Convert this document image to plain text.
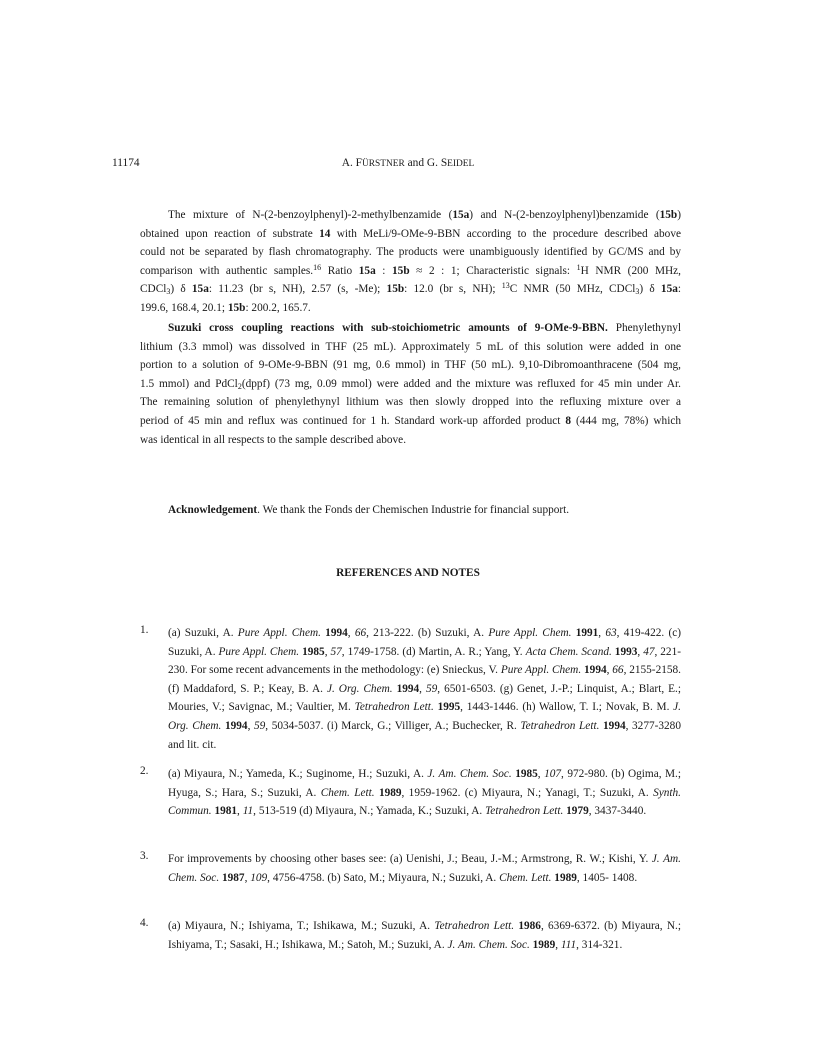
11174	A. FÜRSTNER and G. SEIDEL
The mixture of N-(2-benzoylphenyl)-2-methylbenzamide (15a) and N-(2-benzoylphenyl)benzamide (15b)
obtained upon reaction of substrate 14 with MeLi/9-OMe-9-BBN according to the procedure described above
could not be separated by flash chromatography. The products were unambiguously identified by GC/MS and by
comparison with authentic samples.$^{16}$ Ratio 15a : 15b ≈ 2 : 1; Characteristic signals: $^1$H NMR (200 MHz,
CDCl$_3$) δ 15a: 11.23 (br s, NH), 2.57 (s, -Me); 15b: 12.0 (br s, NH); $^{13}$C NMR (50 MHz, CDCl$_3$) δ 15a:
199.6, 168.4, 20.1; 15b: 200.2, 165.7.
Suzuki cross coupling reactions with sub-stoichiometric amounts of 9-OMe-9-BBN. Phenylethynyl
lithium (3.3 mmol) was dissolved in THF (25 mL). Approximately 5 mL of this solution were added in one
portion to a solution of 9-OMe-9-BBN (91 mg, 0.6 mmol) in THF (50 mL). 9,10-Dibromoanthracene (504 mg,
1.5 mmol) and PdCl$_2$(dppf) (73 mg, 0.09 mmol) were added and the mixture was refluxed for 45 min under Ar.
The remaining solution of phenylethynyl lithium was then slowly dropped into the refluxing mixture over a
period of 45 min and reflux was continued for 1 h. Standard work-up afforded product 8 (444 mg, 78%) which
was identical in all respects to the sample described above.
Acknowledgement. We thank the Fonds der Chemischen Industrie for financial support.
REFERENCES AND NOTES
1. (a) Suzuki, A. Pure Appl. Chem. 1994, 66, 213-222. (b) Suzuki, A. Pure Appl. Chem. 1991, 63, 419-422. (c) Suzuki, A. Pure Appl. Chem. 1985, 57, 1749-1758. (d) Martin, A. R.; Yang, Y. Acta Chem. Scand. 1993, 47, 221-230. For some recent advancements in the methodology: (e) Snieckus, V. Pure Appl. Chem. 1994, 66, 2155-2158. (f) Maddaford, S. P.; Keay, B. A. J. Org. Chem. 1994, 59, 6501-6503. (g) Genet, J.-P.; Linquist, A.; Blart, E.; Mouries, V.; Savignac, M.; Vaultier, M. Tetrahedron Lett. 1995, 1443-1446. (h) Wallow, T. I.; Novak, B. M. J. Org. Chem. 1994, 59, 5034-5037. (i) Marck, G.; Villiger, A.; Buchecker, R. Tetrahedron Lett. 1994, 3277-3280 and lit. cit.
2. (a) Miyaura, N.; Yameda, K.; Suginome, H.; Suzuki, A. J. Am. Chem. Soc. 1985, 107, 972-980. (b) Ogima, M.; Hyuga, S.; Hara, S.; Suzuki, A. Chem. Lett. 1989, 1959-1962. (c) Miyaura, N.; Yanagi, T.; Suzuki, A. Synth. Commun. 1981, 11, 513-519 (d) Miyaura, N.; Yamada, K.; Suzuki, A. Tetrahedron Lett. 1979, 3437-3440.
3. For improvements by choosing other bases see: (a) Uenishi, J.; Beau, J.-M.; Armstrong, R. W.; Kishi, Y. J. Am. Chem. Soc. 1987, 109, 4756-4758. (b) Sato, M.; Miyaura, N.; Suzuki, A. Chem. Lett. 1989, 1405- 1408.
4. (a) Miyaura, N.; Ishiyama, T.; Ishikawa, M.; Suzuki, A. Tetrahedron Lett. 1986, 6369-6372. (b) Miyaura, N.; Ishiyama, T.; Sasaki, H.; Ishikawa, M.; Satoh, M.; Suzuki, A. J. Am. Chem. Soc. 1989, 111, 314-321.
